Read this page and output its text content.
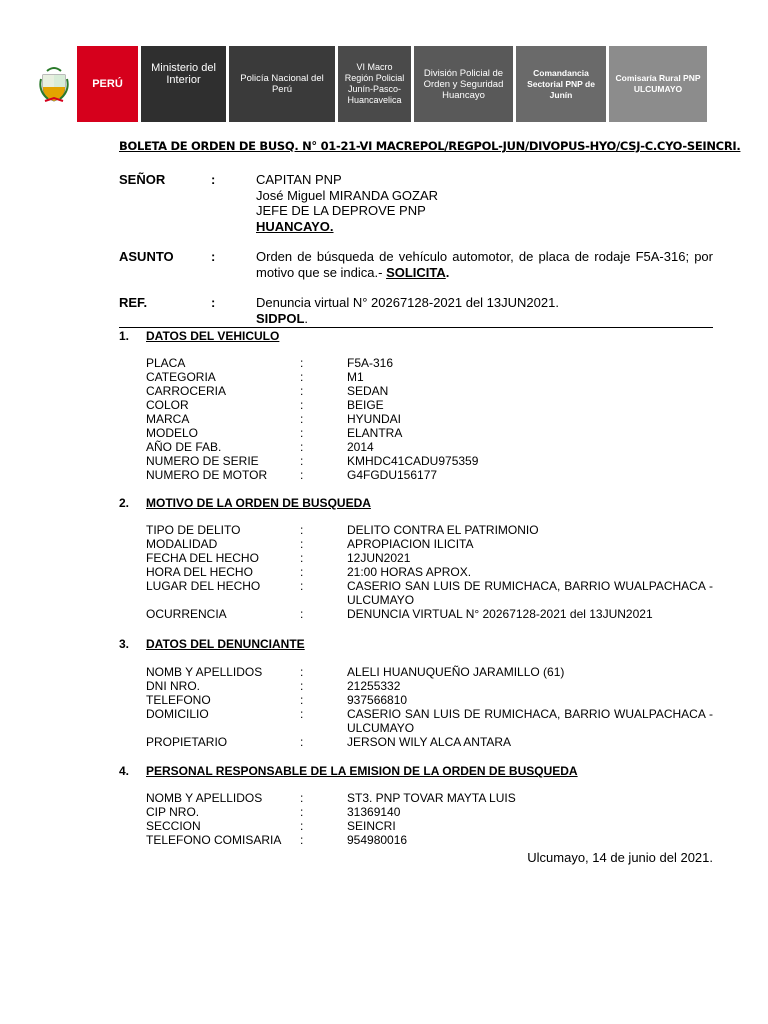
PERÚ
Ministerio del Interior	Policía Nacional del Perú
VI Macro Región Policial Junín-Pasco-Huancavelica
División Policial de Orden y Seguridad Huancayo
Comandancia Sectorial PNP de Junín
Comisaría Rural PNP ULCUMAYO
BOLETA DE ORDEN DE BUSQ. N° 01-21-VI MACREPOL/REGPOL-JUN/DIVOPUS-HYO/CSJ-C.CYO-SEINCRI.
SEÑOR	:	CAPITAN PNP
José Miguel MIRANDA GOZAR
JEFE DE LA DEPROVE PNP
HUANCAYO.
ASUNTO	:	Orden de búsqueda de vehículo automotor, de placa de rodaje F5A-316; por motivo que se indica.- SOLICITA.
REF.	:	Denuncia virtual N° 20267128-2021 del 13JUN2021.
SIDPOL.
1. DATOS DEL VEHICULO
PLACA	:	F5A-316
CATEGORIA	:	M1
CARROCERIA	:	SEDAN
COLOR	:	BEIGE
MARCA	:	HYUNDAI
MODELO	:	ELANTRA
AÑO DE FAB.	:	2014
NUMERO DE SERIE	:	KMHDC41CADU975359
NUMERO DE MOTOR	:	G4FGDU156177
2. MOTIVO DE LA ORDEN DE BUSQUEDA
TIPO DE DELITO	:	DELITO CONTRA EL PATRIMONIO
MODALIDAD	:	APROPIACION ILICITA
FECHA DEL HECHO	:	12JUN2021
HORA DEL HECHO	:	21:00 HORAS APROX.
LUGAR DEL HECHO	:	CASERIO SAN LUIS DE RUMICHACA, BARRIO WUALPACHACA - ULCUMAYO
OCURRENCIA	:	DENUNCIA VIRTUAL N° 20267128-2021 del 13JUN2021
3. DATOS DEL DENUNCIANTE
NOMB Y APELLIDOS	:	ALELI HUANUQUEÑO JARAMILLO (61)
DNI NRO.	:	21255332
TELEFONO	:	937566810
DOMICILIO	:	CASERIO SAN LUIS DE RUMICHACA, BARRIO WUALPACHACA - ULCUMAYO
PROPIETARIO	:	JERSON WILY ALCA ANTARA
4. PERSONAL RESPONSABLE DE LA EMISION DE LA ORDEN DE BUSQUEDA
NOMB Y APELLIDOS	:	ST3. PNP TOVAR MAYTA LUIS
CIP NRO.	:	31369140
SECCION	:	SEINCRI
TELEFONO COMISARIA :	954980016
Ulcumayo, 14 de junio del 2021.
